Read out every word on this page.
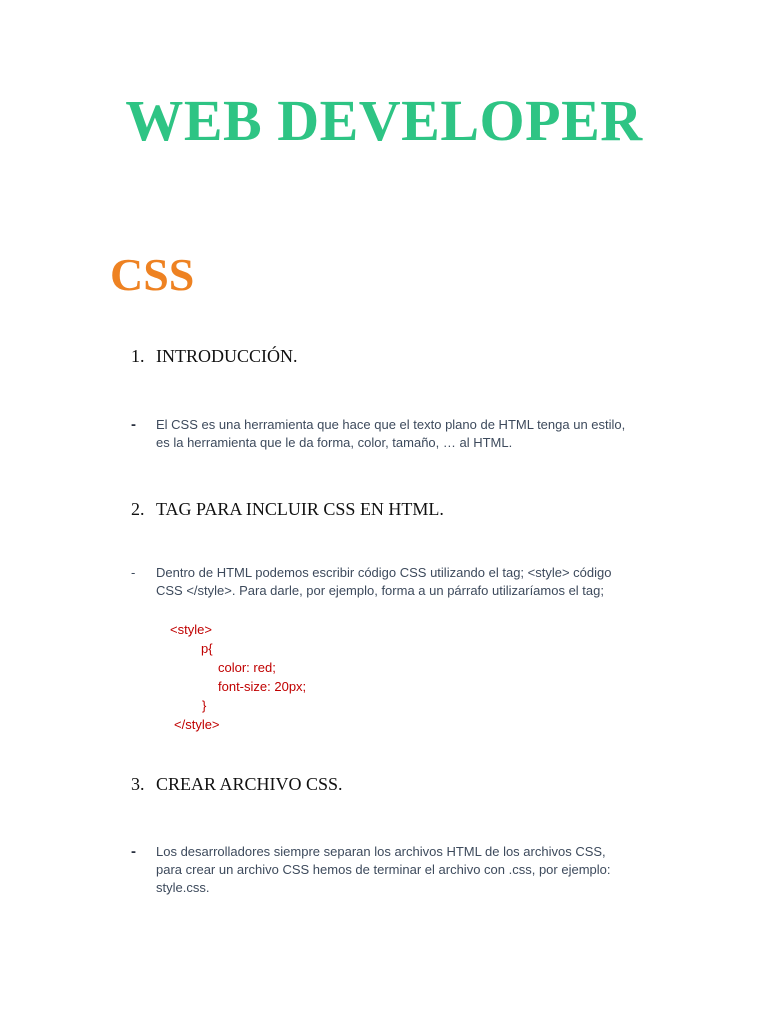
WEB DEVELOPER
CSS
1. INTRODUCCIÓN.
-	El CSS es una herramienta que hace que el texto plano de HTML tenga un estilo,
es la herramienta que le da forma, color, tamaño, … al HTML.
2. TAG PARA INCLUIR CSS EN HTML.
-	Dentro de HTML podemos escribir código CSS utilizando el tag; <style> código
CSS </style>. Para darle, por ejemplo, forma a un párrafo utilizaríamos el tag;
<style>
p{
color: red;
font-size: 20px;
}
</style>
3. CREAR ARCHIVO CSS.
-	Los desarrolladores siempre separan los archivos HTML de los archivos CSS,
para crear un archivo CSS hemos de terminar el archivo con .css, por ejemplo:
style.css.
